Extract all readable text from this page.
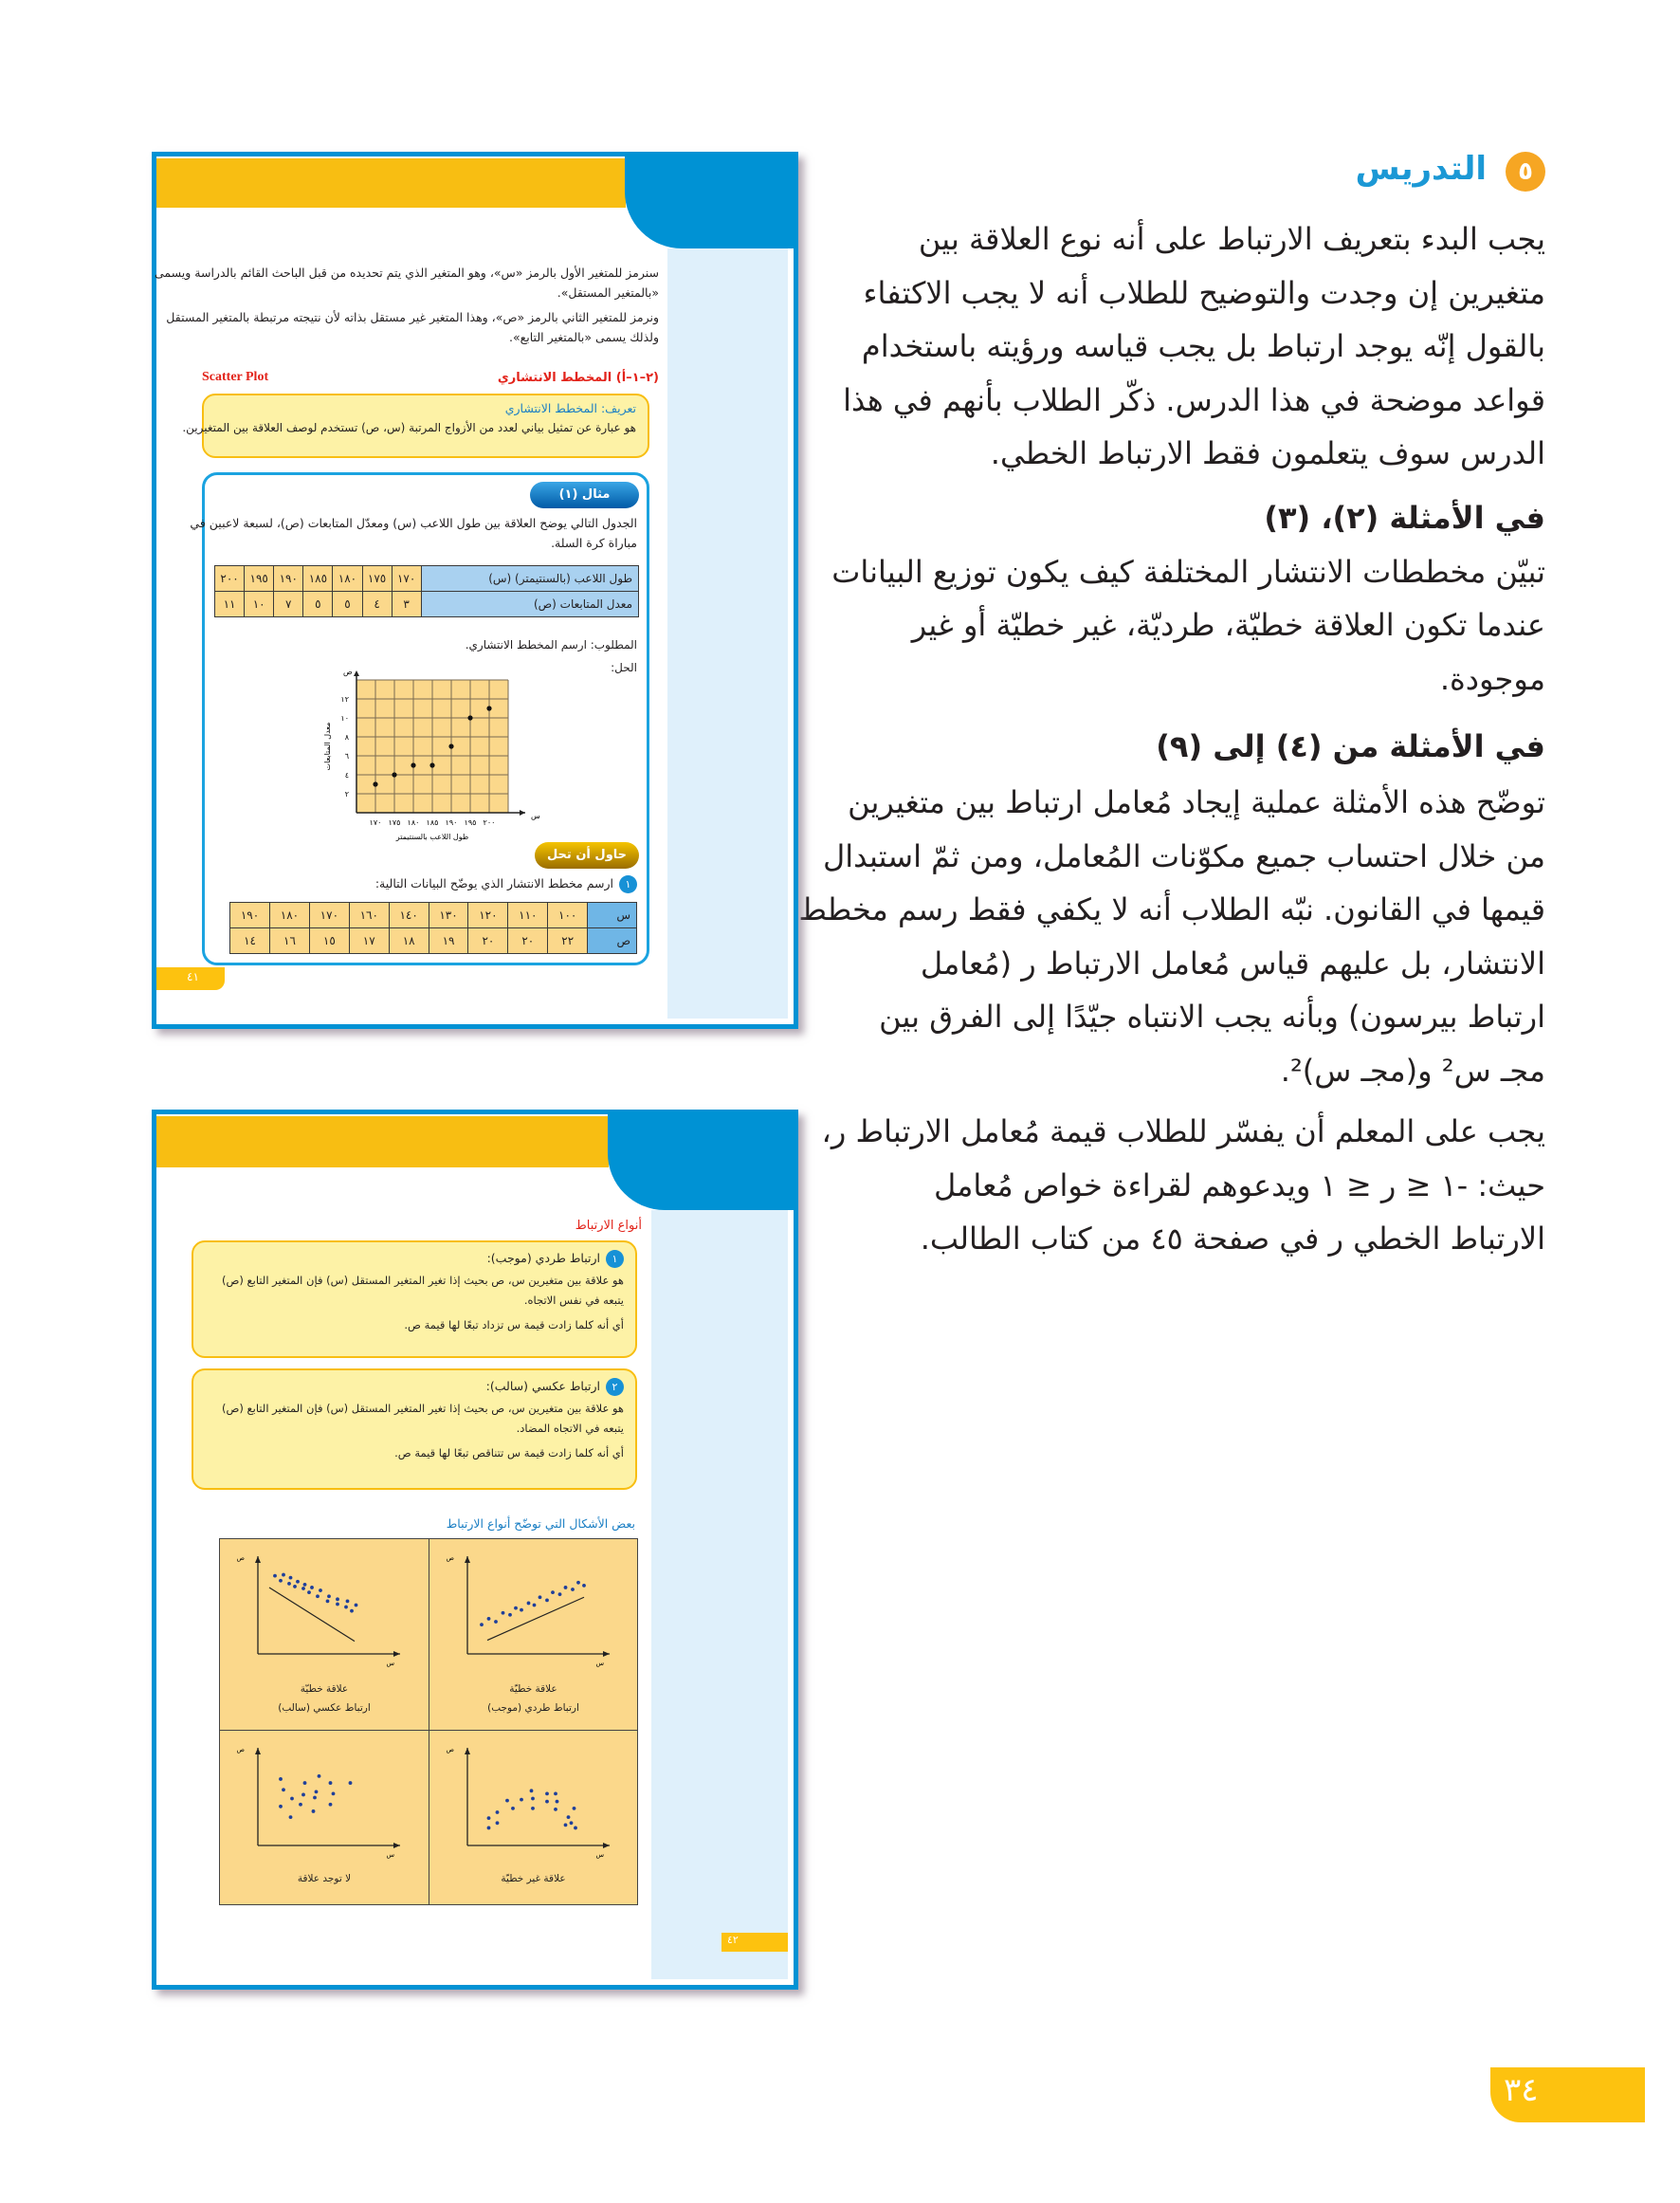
٥
التدريس
يجب البدء بتعريف الارتباط على أنه نوع العلاقة بين
متغيرين إن وجدت والتوضيح للطلاب أنه لا يجب الاكتفاء
بالقول إنّه يوجد ارتباط بل يجب قياسه ورؤيته باستخدام
قواعد موضحة في هذا الدرس. ذكّر الطلاب بأنهم في هذا
الدرس سوف يتعلمون فقط الارتباط الخطي.
في الأمثلة (٢)، (٣)
تبيّن مخططات الانتشار المختلفة كيف يكون توزيع البيانات
عندما تكون العلاقة خطيّة، طرديّة، غير خطيّة أو غير
موجودة.
في الأمثلة من (٤) إلى (٩)
توضّح هذه الأمثلة عملية إيجاد مُعامل ارتباط بين متغيرين
من خلال احتساب جميع مكوّنات المُعامل، ومن ثمّ استبدال
قيمها في القانون. نبّه الطلاب أنه لا يكفي فقط رسم مخطط
الانتشار، بل عليهم قياس مُعامل الارتباط ر (مُعامل
ارتباط بيرسون) وبأنه يجب الانتباه جيّدًا إلى الفرق بين
مجـ س² و(مجـ س)².
يجب على المعلم أن يفسّر للطلاب قيمة مُعامل الارتباط ر،
حيث: -١ ≤ ر ≤ ١ ويدعوهم لقراءة خواص مُعامل
الارتباط الخطي ر في صفحة ٤٥ من كتاب الطالب.
٣٤
سنرمز للمتغير الأول بالرمز «س»، وهو المتغير الذي يتم تحديده من قبل الباحث القائم بالدراسة ويسمى
«بالمتغير المستقل».
ونرمز للمتغير الثاني بالرمز «ص»، وهذا المتغير غير مستقل بذاته لأن نتيجته مرتبطة بالمتغير المستقل
ولذلك يسمى «بالمتغير التابع».
(٢–١–أ) المخطط الانتشاري
Scatter Plot
تعريف: المخطط الانتشاري
هو عبارة عن تمثيل بياني لعدد من الأزواج المرتبة (س، ص) تستخدم لوصف العلاقة بين المتغيرين.
مثال (١)
الجدول التالي يوضح العلاقة بين طول اللاعب (س) ومعدّل المتابعات (ص)، لسبعة لاعبين في
مباراة كرة السلة.
طول اللاعب (بالسنتيمتر) (س)	١٧٠	١٧٥	١٨٠	١٨٥	١٩٠	١٩٥	٢٠٠
معدل المتابعات (ص)	٣	٤	٥	٥	٧	١٠	١١
المطلوب: ارسم المخطط الانتشاري.
الحل:
١٧٠ ١٧٥ ١٨٠ ١٨٥ ١٩٠ ١٩٥ ٢٠٠
٢
٤
٦
٨
١٠
١٢
طول اللاعب بالسنتيمتر
معدل المتابعات
س
ص
حاول أن تحل
١ارسم مخطط الانتشار الذي يوضّح البيانات التالية:
س	١٠٠	١١٠	١٢٠	١٣٠	١٤٠	١٦٠	١٧٠	١٨٠	١٩٠
ص	٢٢	٢٠	٢٠	١٩	١٨	١٧	١٥	١٦	١٤
٤١
أنواع الارتباط
١ارتباط طردي (موجب):
هو علاقة بين متغيرين س، ص بحيث إذا تغير المتغير المستقل (س) فإن المتغير التابع (ص)
يتبعه في نفس الاتجاه.
أي أنه كلما زادت قيمة س تزداد تبعًا لها قيمة ص.
٢ارتباط عكسي (سالب):
هو علاقة بين متغيرين س، ص بحيث إذا تغير المتغير المستقل (س) فإن المتغير التابع (ص)
يتبعه في الاتجاه المضاد.
أي أنه كلما زادت قيمة س تتناقص تبعًا لها قيمة ص.
بعض الأشكال التي توضّح أنواع الارتباط
س
ص
علاقة خطيّة
ارتباط طردي (موجب)
س
ص
علاقة خطيّة
ارتباط عكسي (سالب)
س
ص
علاقة غير خطيّة
س
ص
لا توجد علاقة
٤٢
